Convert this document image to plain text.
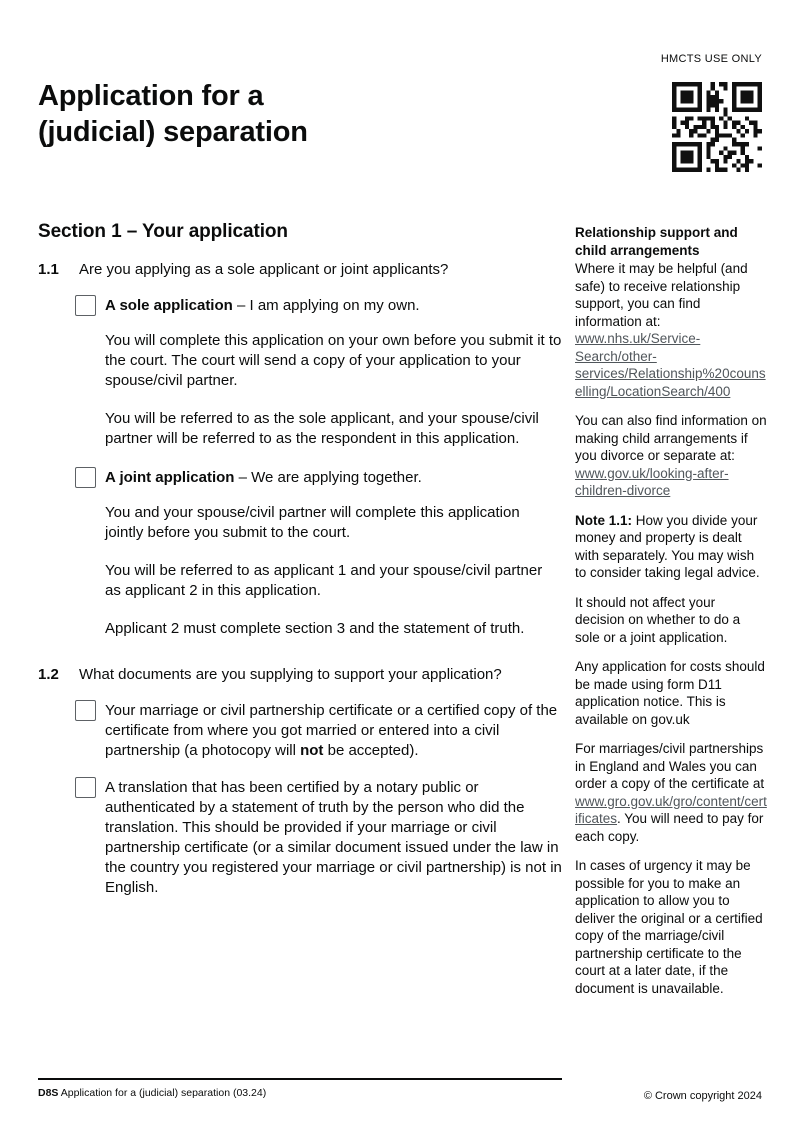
HMCTS USE ONLY
Application for a
(judicial) separation
Section 1 – Your application
1.1	Are you applying as a sole applicant or joint applicants?
A sole application – I am applying on my own.

You will complete this application on your own before you submit it to the court. The court will send a copy of your application to your spouse/civil partner.

You will be referred to as the sole applicant, and your spouse/civil partner will be referred to as the respondent in this application.

A joint application – We are applying together.

You and your spouse/civil partner will complete this application jointly before you submit to the court.

You will be referred to as applicant 1 and your spouse/civil partner as applicant 2 in this application.

Applicant 2 must complete section 3 and the statement of truth.

1.2	What documents are you supplying to support your application?
Your marriage or civil partnership certificate or a certified copy of the certificate from where you got married or entered into a civil partnership (a photocopy will not be accepted).
A translation that has been certified by a notary public or authenticated by a statement of truth by the person who did the translation. This should be provided if your marriage or civil partnership certificate (or a similar document issued under the law in the country you registered your marriage or civil partnership) is not in English.

Relationship support and child arrangements

Where it may be helpful (and safe) to receive relationship support, you can find information at: www.nhs.uk/Service-Search/other-services/Relationship%20counselling/LocationSearch/400

You can also find information on making child arrangements if you divorce or separate at: www.gov.uk/looking-after-children-divorce

Note 1.1: How you divide your money and property is dealt with separately. You may wish to consider taking legal advice.

It should not affect your decision on whether to do a sole or a joint application.

Any application for costs should be made using form D11 application notice. This is available on gov.uk

For marriages/civil partnerships in England and Wales you can order a copy of the certificate at www.gro.gov.uk/gro/content/certificates. You will need to pay for each copy.

In cases of urgency it may be possible for you to make an application to allow you to deliver the original or a certified copy of the marriage/civil partnership certificate to the court at a later date, if the document is unavailable.

D8S Application for a (judicial) separation (03.24)	© Crown copyright 2024
